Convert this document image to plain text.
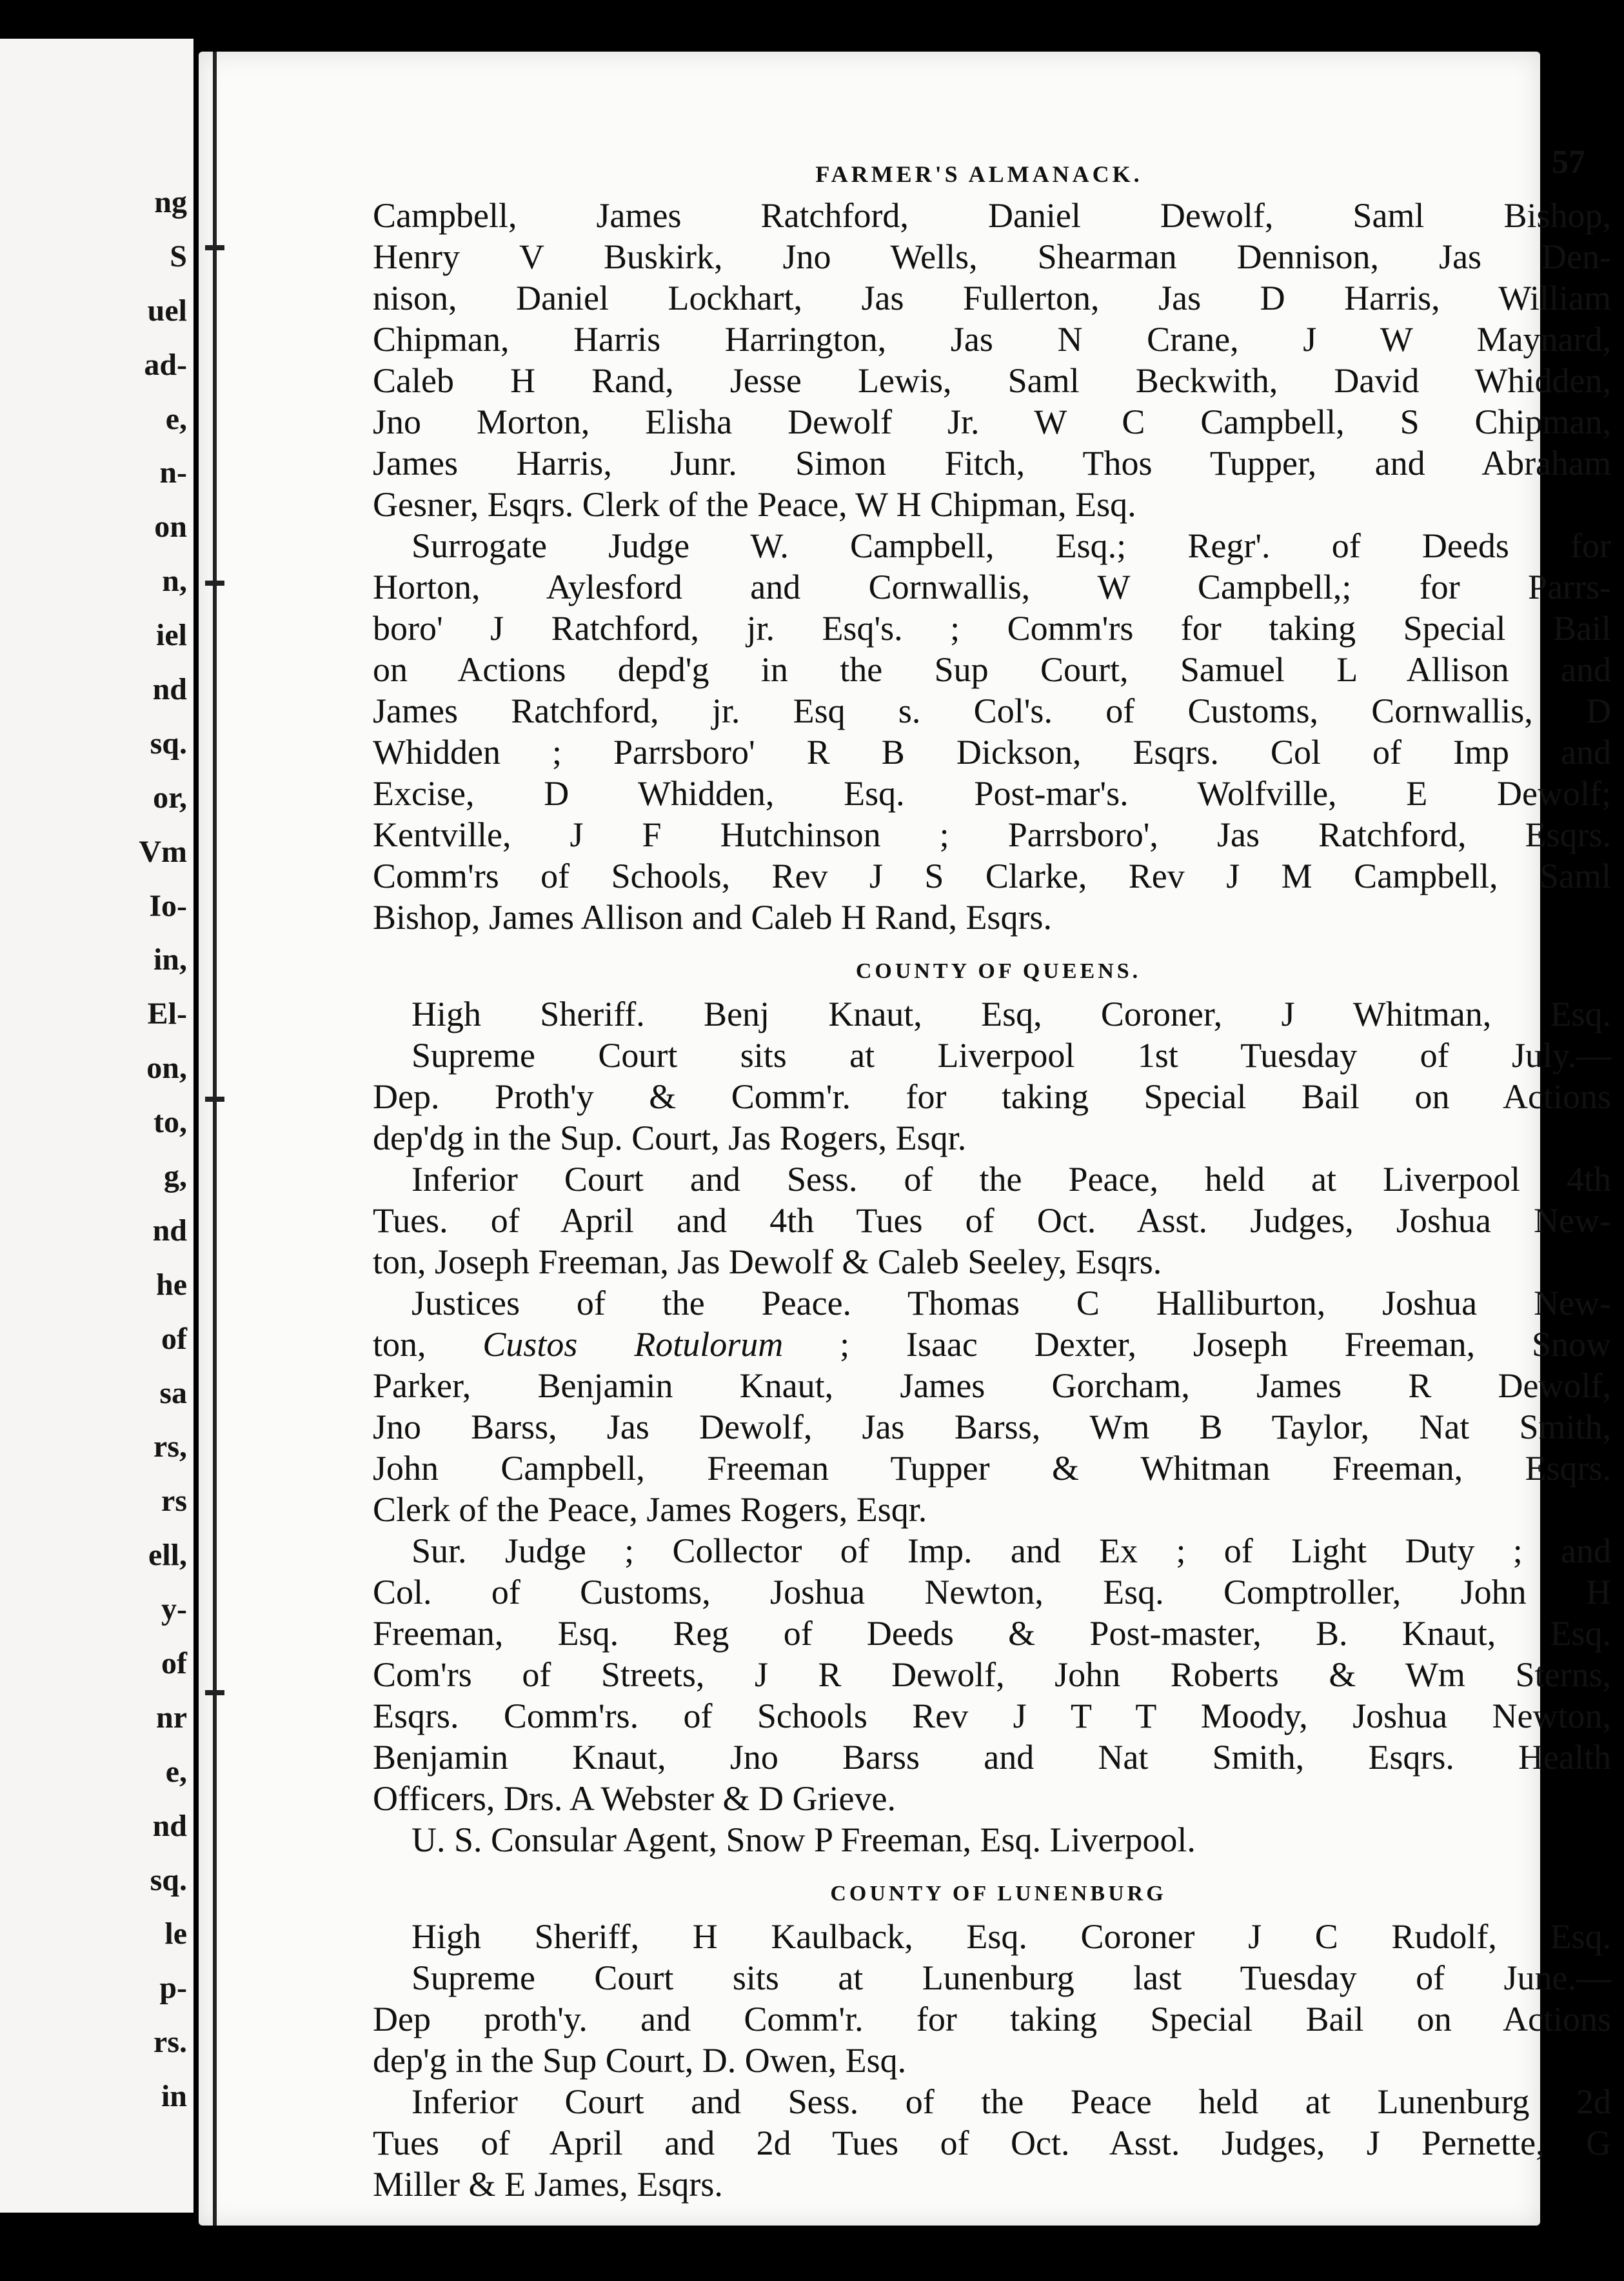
ng
S
uel
ad-
e,
n-
on
n,
iel
nd
sq.
or,
Vm
Io-
in,
El-
on,
to,
g,
nd
he
of
sa
rs,
rs
ell,
y-
of
nr
e,
nd
sq.
le
p-
rs.
in
FARMER'S ALMANACK.	57
Campbell, James Ratchford, Daniel Dewolf, Saml Bishop,
Henry V Buskirk, Jno Wells, Shearman Dennison, Jas Den-
nison, Daniel Lockhart, Jas Fullerton, Jas D Harris, William
Chipman, Harris Harrington, Jas N Crane, J W Maynard,
Caleb H Rand, Jesse Lewis, Saml Beckwith, David Whidden,
Jno Morton, Elisha Dewolf Jr. W C Campbell, S Chipman,
James Harris, Junr. Simon Fitch, Thos Tupper, and Abraham
Gesner, Esqrs. Clerk of the Peace, W H Chipman, Esq.
Surrogate Judge W. Campbell, Esq.; Regr'. of Deeds for
Horton, Aylesford and Cornwallis, W Campbell,; for Parrs-
boro' J Ratchford, jr. Esq's. ; Comm'rs for taking Special Bail
on Actions depd'g in the Sup Court, Samuel L Allison and
James Ratchford, jr. Esq s. Col's. of Customs, Cornwallis, D
Whidden ; Parrsboro' R B Dickson, Esqrs. Col of Imp and
Excise, D Whidden, Esq. Post-mar's. Wolfville, E Dewolf;
Kentville, J F Hutchinson ; Parrsboro', Jas Ratchford, Esqrs.
Comm'rs of Schools, Rev J S Clarke, Rev J M Campbell, Saml
Bishop, James Allison and Caleb H Rand, Esqrs.
COUNTY OF QUEENS.
High Sheriff. Benj Knaut, Esq, Coroner, J Whitman, Esq.
Supreme Court sits at Liverpool 1st Tuesday of July.—
Dep. Proth'y & Comm'r. for taking Special Bail on Actions
dep'dg in the Sup. Court, Jas Rogers, Esqr.
Inferior Court and Sess. of the Peace, held at Liverpool 4th
Tues. of April and 4th Tues of Oct. Asst. Judges, Joshua New-
ton, Joseph Freeman, Jas Dewolf & Caleb Seeley, Esqrs.
Justices of the Peace. Thomas C Halliburton, Joshua New-
ton, Custos Rotulorum ; Isaac Dexter, Joseph Freeman, Snow
Parker, Benjamin Knaut, James Gorcham, James R Dewolf,
Jno Barss, Jas Dewolf, Jas Barss, Wm B Taylor, Nat Smith,
John Campbell, Freeman Tupper & Whitman Freeman, Esqrs.
Clerk of the Peace, James Rogers, Esqr.
Sur. Judge ; Collector of Imp. and Ex ; of Light Duty ; and
Col. of Customs, Joshua Newton, Esq. Comptroller, John H
Freeman, Esq. Reg of Deeds & Post-master, B. Knaut, Esq.
Com'rs of Streets, J R Dewolf, John Roberts & Wm Sterns,
Esqrs. Comm'rs. of Schools Rev J T T Moody, Joshua Newton,
Benjamin Knaut, Jno Barss and Nat Smith, Esqrs. Health
Officers, Drs. A Webster & D Grieve.
U. S. Consular Agent, Snow P Freeman, Esq. Liverpool.
COUNTY OF LUNENBURG
High Sheriff, H Kaulback, Esq. Coroner J C Rudolf, Esq.
Supreme Court sits at Lunenburg last Tuesday of June.—
Dep proth'y. and Comm'r. for taking Special Bail on Actions
dep'g in the Sup Court, D. Owen, Esq.
Inferior Court and Sess. of the Peace held at Lunenburg 2d
Tues of April and 2d Tues of Oct. Asst. Judges, J Pernette, G
Miller & E James, Esqrs.
